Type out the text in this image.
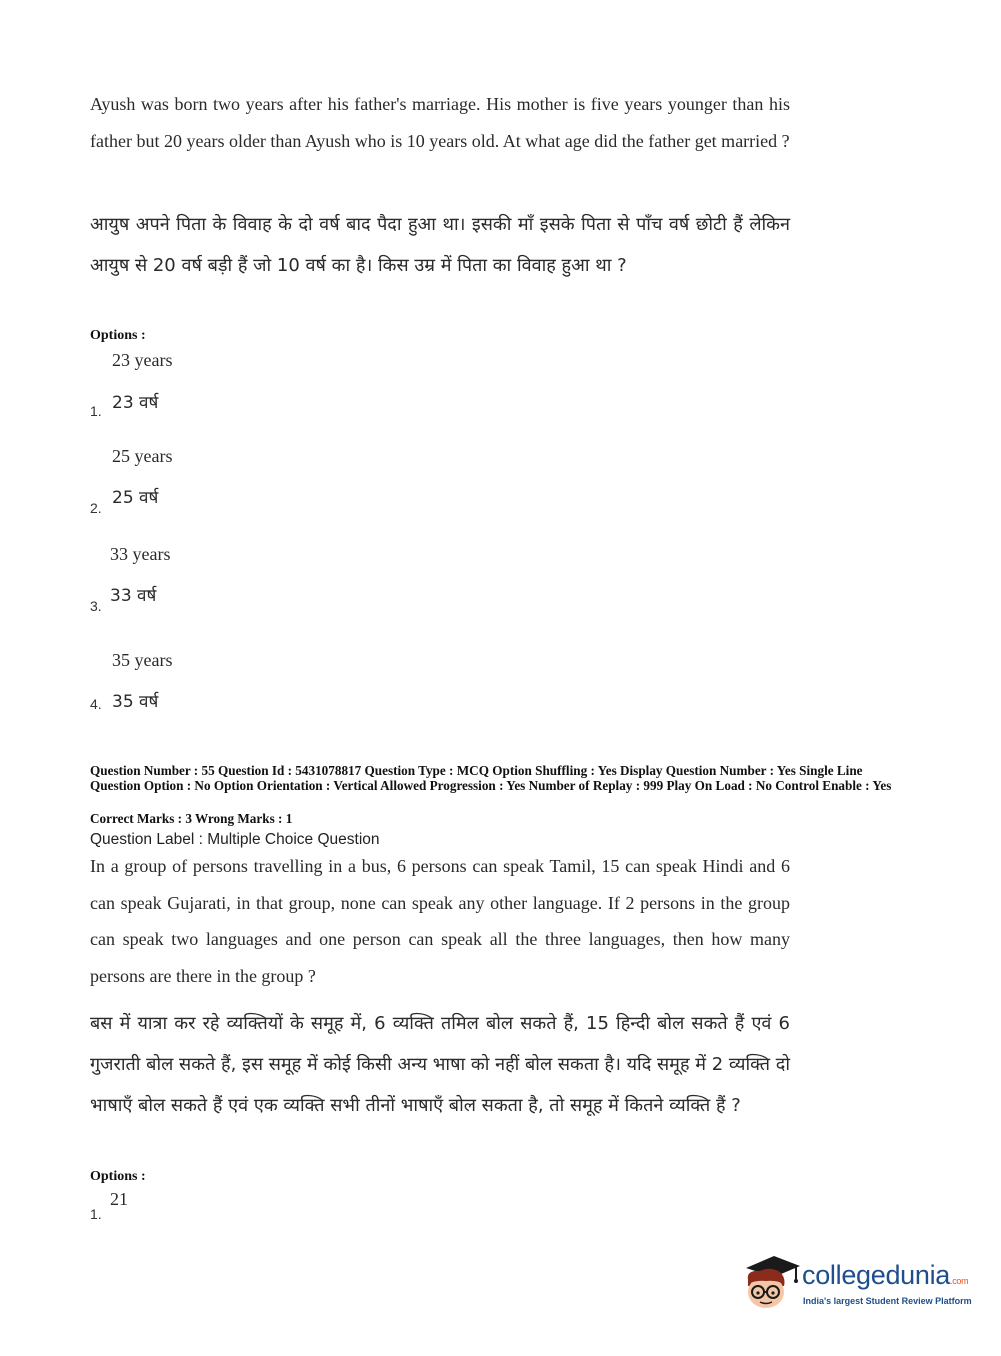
Ayush was born two years after his father's marriage. His mother is five years younger than his father but 20 years older than Ayush who is 10 years old. At what age did the father get married ?
आयुष अपने पिता के विवाह के दो वर्ष बाद पैदा हुआ था। इसकी माँ इसके पिता से पाँच वर्ष छोटी हैं लेकिन आयुष से 20 वर्ष बड़ी हैं जो 10 वर्ष का है। किस उम्र में पिता का विवाह हुआ था ?
Options :
23 years
23 वर्ष
1.
25 years
25 वर्ष
2.
33 years
33 वर्ष
3.
35 years
35 वर्ष
4.
Question Number : 55 Question Id : 5431078817 Question Type : MCQ Option Shuffling : Yes Display Question Number : Yes Single Line Question Option : No Option Orientation : Vertical Allowed Progression : Yes Number of Replay : 999 Play On Load : No Control Enable : Yes
Correct Marks : 3 Wrong Marks : 1
Question Label : Multiple Choice Question
In a group of persons travelling in a bus, 6 persons can speak Tamil, 15 can speak Hindi and 6 can speak Gujarati, in that group, none can speak any other language. If 2 persons in the group can speak two languages and one person can speak all the three languages, then how many persons are there in the group ?
बस में यात्रा कर रहे व्यक्तियों के समूह में, 6 व्यक्ति तमिल बोल सकते हैं, 15 हिन्दी बोल सकते हैं एवं 6 गुजराती बोल सकते हैं, इस समूह में कोई किसी अन्य भाषा को नहीं बोल सकता है। यदि समूह में 2 व्यक्ति दो भाषाएँ बोल सकते हैं एवं एक व्यक्ति सभी तीनों भाषाएँ बोल सकता है, तो समूह में कितने व्यक्ति हैं ?
Options :
21
1.
collegedunia.com
India's largest Student Review Platform
